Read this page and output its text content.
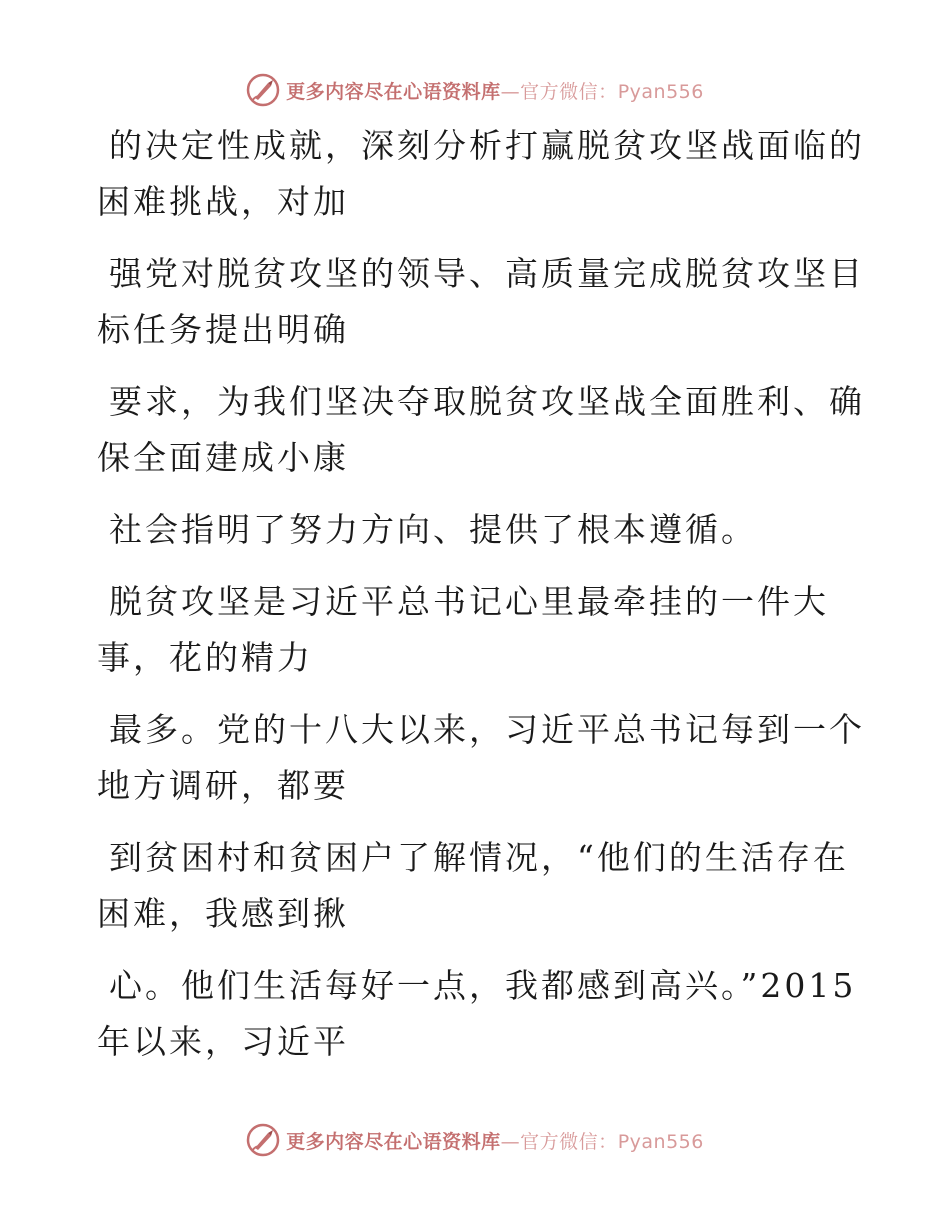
更多内容尽在心语资料库—官方微信：Pyan556
的决定性成就，深刻分析打赢脱贫攻坚战面临的
困难挑战，对加
强党对脱贫攻坚的领导、高质量完成脱贫攻坚目
标任务提出明确
要求，为我们坚决夺取脱贫攻坚战全面胜利、确
保全面建成小康
社会指明了努力方向、提供了根本遵循。
脱贫攻坚是习近平总书记心里最牵挂的一件大
事，花的精力
最多。党的十八大以来，习近平总书记每到一个
地方调研，都要
到贫困村和贫困户了解情况，“他们的生活存在
困难，我感到揪
心。他们生活每好一点，我都感到高兴。”2015
年以来，习近平
更多内容尽在心语资料库—官方微信：Pyan556
